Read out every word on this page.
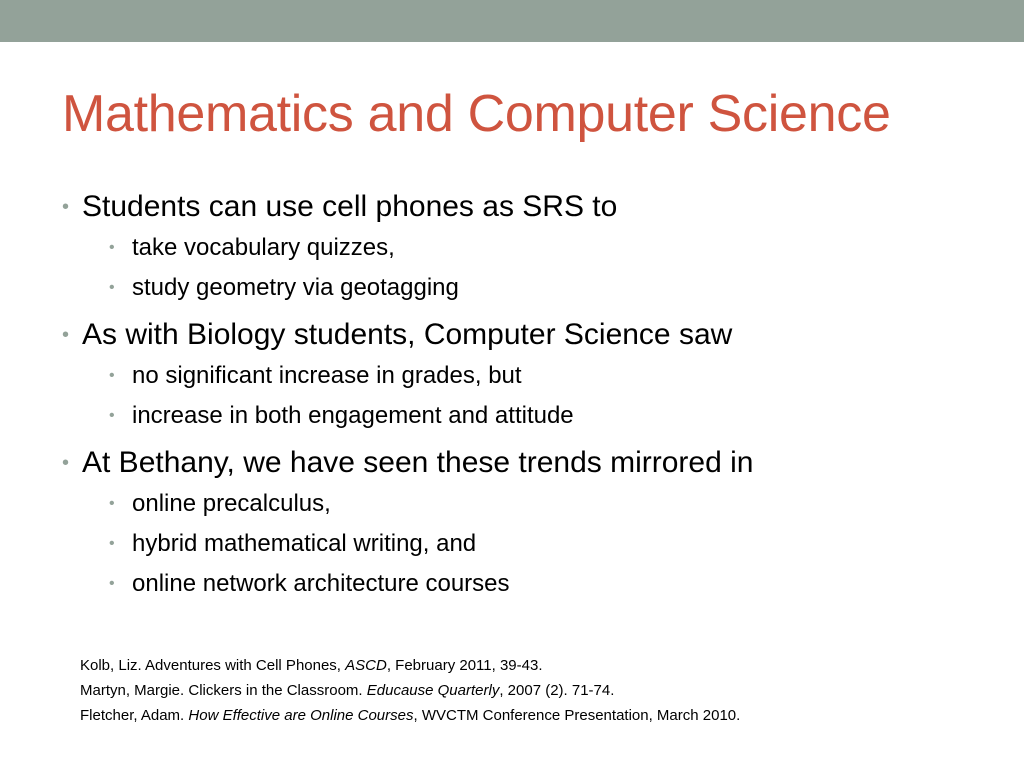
Mathematics and Computer Science
• Students can use cell phones as SRS to
• take vocabulary quizzes,
• study geometry via geotagging
• As with Biology students, Computer Science saw
• no significant increase in grades, but
• increase in both engagement and attitude
• At Bethany, we have seen these trends mirrored in
• online precalculus,
• hybrid mathematical writing, and
• online network architecture courses
Kolb, Liz. Adventures with Cell Phones, ASCD, February 2011, 39-43.
Martyn, Margie. Clickers in the Classroom. Educause Quarterly, 2007 (2). 71-74.
Fletcher, Adam. How Effective are Online Courses, WVCTM Conference Presentation, March 2010.
